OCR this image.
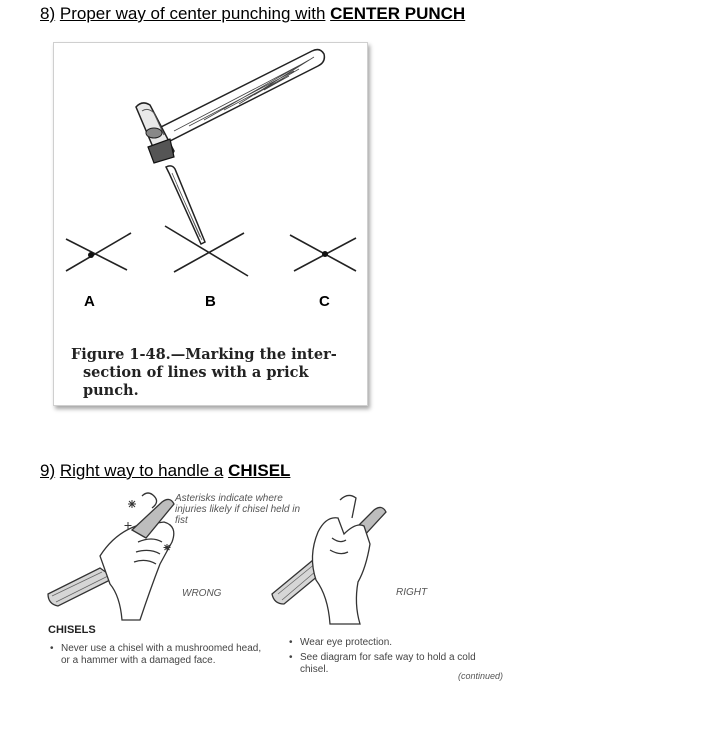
8) Proper way of center punching with CENTER PUNCH
A	B	C
Figure 1-48.—Marking the inter-
section of lines with a prick
punch.
9) Right way to handle a CHISEL
Asterisks indicate where injuries likely if chisel held in fist
WRONG	RIGHT
CHISELS
• Never use a chisel with a mushroomed head, or a hammer with a damaged face.
• Wear eye protection.
• See diagram for safe way to hold a cold chisel.
(continued)
